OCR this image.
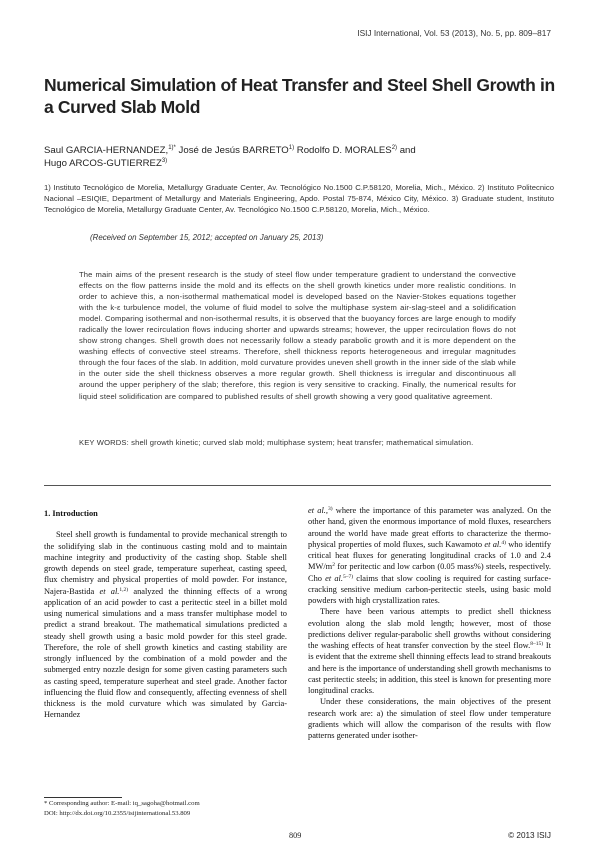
ISIJ International, Vol. 53 (2013), No. 5, pp. 809–817
Numerical Simulation of Heat Transfer and Steel Shell Growth in a Curved Slab Mold
Saul GARCIA-HERNANDEZ,$^{1)*}$ José de Jesús BARRETO$^{1)}$ Rodolfo D. MORALES$^{2)}$ and
Hugo ARCOS-GUTIERREZ$^{3)}$
1) Instituto Tecnológico de Morelia, Metallurgy Graduate Center, Av. Tecnológico No.1500 C.P.58120, Morelia, Mich., México. 2) Instituto Politecnico Nacional –ESIQIE, Department of Metallurgy and Materials Engineering, Apdo. Postal 75-874, México City, México. 3) Graduate student, Instituto Tecnológico de Morelia, Metallurgy Graduate Center, Av. Tecnológico No.1500 C.P.58120, Morelia, Mich., México.
(Received on September 15, 2012; accepted on January 25, 2013)
The main aims of the present research is the study of steel flow under temperature gradient to understand the convective effects on the flow patterns inside the mold and its effects on the shell growth kinetics under more realistic conditions. In order to achieve this, a non-isothermal mathematical model is developed based on the Navier-Stokes equations together with the k-ε turbulence model, the volume of fluid model to solve the multiphase system air-slag-steel and a solidification model. Comparing isothermal and non-isothermal results, it is observed that the buoyancy forces are large enough to modify radically the lower recirculation flows inducing shorter and upwards streams; however, the upper recirculation flows do not show strong changes. Shell growth does not necessarily follow a steady parabolic growth and it is more dependent on the washing effects of convective steel streams. Therefore, shell thickness reports heterogeneous and irregular magnitudes through the four faces of the slab. In addition, mold curvature provides uneven shell growth in the inner side of the slab while in the outer side the shell thickness observes a more regular growth. Shell thickness is irregular and discontinuous all around the upper periphery of the slab; therefore, this region is very sensitive to cracking. Finally, the numerical results for liquid steel solidification are compared to published results of shell growth showing a very good qualitative agreement.
KEY WORDS: shell growth kinetic; curved slab mold; multiphase system; heat transfer; mathematical simulation.
1. Introduction

Steel shell growth is fundamental to provide mechanical strength to the solidifying slab in the continuous casting mold and to maintain machine integrity and productivity of the casting shop. Stable shell growth depends on steel grade, temperature superheat, casting speed, flux chemistry and physical properties of mold powder. For instance, Najera-Bastida et al.$^{1,2)}$ analyzed the thinning effects of a wrong application of an acid powder to cast a peritectic steel in a billet mold using numerical simulations and a mass transfer multiphase model to predict a strand breakout. The mathematical simulations predicted a steady shell growth using a basic mold powder for this steel grade. Therefore, the role of shell growth kinetics and casting stability are strongly influenced by the combination of a mold powder and the submerged entry nozzle design for some given casting parameters such as casting speed, temperature superheat and steel grade. Another factor influencing the fluid flow and consequently, affecting evenness of shell thickness is the mold curvature which was simulated by Garcia-Hernandez

et al.,$^{3)}$ where the importance of this parameter was analyzed. On the other hand, given the enormous importance of mold fluxes, researchers around the world have made great efforts to characterize the thermo-physical properties of mold fluxes, such Kawamoto et al.$^{4)}$ who identify critical heat fluxes for generating longitudinal cracks of 1.0 and 2.4 $MW/m^2$ for peritectic and low carbon (0.05 mass%) steels, respectively. Cho et al.$^{5-7)}$ claims that slow cooling is required for casting surface-cracking sensitive medium carbon-peritectic steels, using basic mold powders with high crystallization rates.

There have been various attempts to predict shell thickness evolution along the slab mold length; however, most of those predictions deliver regular-parabolic shell growths without considering the washing effects of heat transfer convection by the steel flow.$^{8-15)}$ It is evident that the extreme shell thinning effects lead to strand breakouts and here is the importance of understanding shell growth mechanisms to cast peritectic steels; in addition, this steel is known for presenting more longitudinal cracks.

Under these considerations, the main objectives of the present research work are: a) the simulation of steel flow under temperature gradients which will allow the comparison of the results with flow patterns generated under isother-

* Corresponding author: E-mail: iq_sagoha@hotmail.com
DOI: http://dx.doi.org/10.2355/isijinternational.53.809
809	© 2013 ISIJ
